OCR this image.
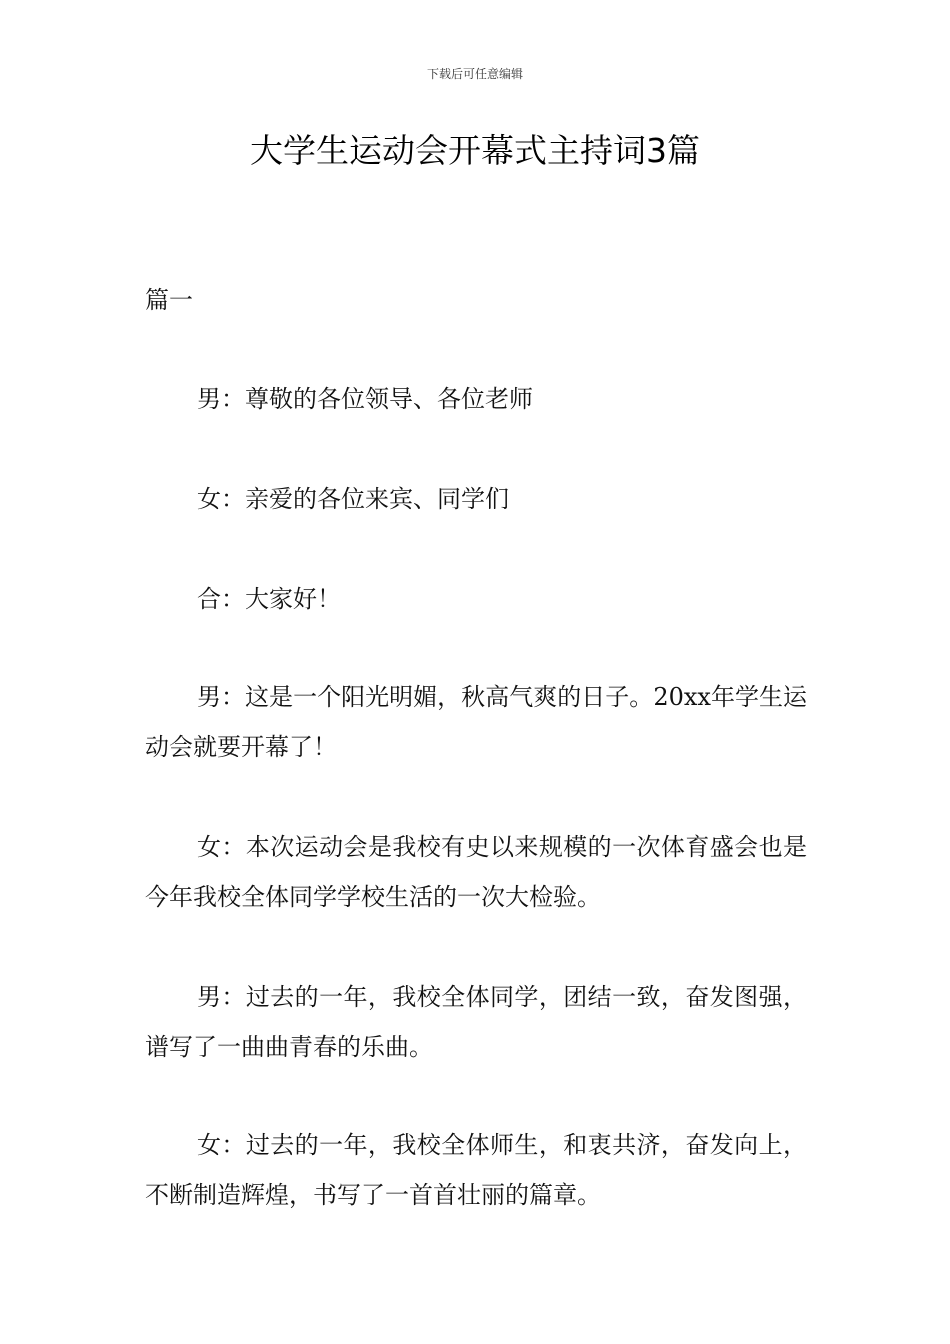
下载后可任意编辑
大学生运动会开幕式主持词3篇
篇一

男：尊敬的各位领导、各位老师

女：亲爱的各位来宾、同学们

合：大家好！

男：这是一个阳光明媚，秋高气爽的日子。20xx年学生运动会就要开幕了！

女：本次运动会是我校有史以来规模的一次体育盛会也是今年我校全体同学学校生活的一次大检验。

男：过去的一年，我校全体同学，团结一致，奋发图强，谱写了一曲曲青春的乐曲。

女：过去的一年，我校全体师生，和衷共济，奋发向上，不断制造辉煌，书写了一首首壮丽的篇章。
